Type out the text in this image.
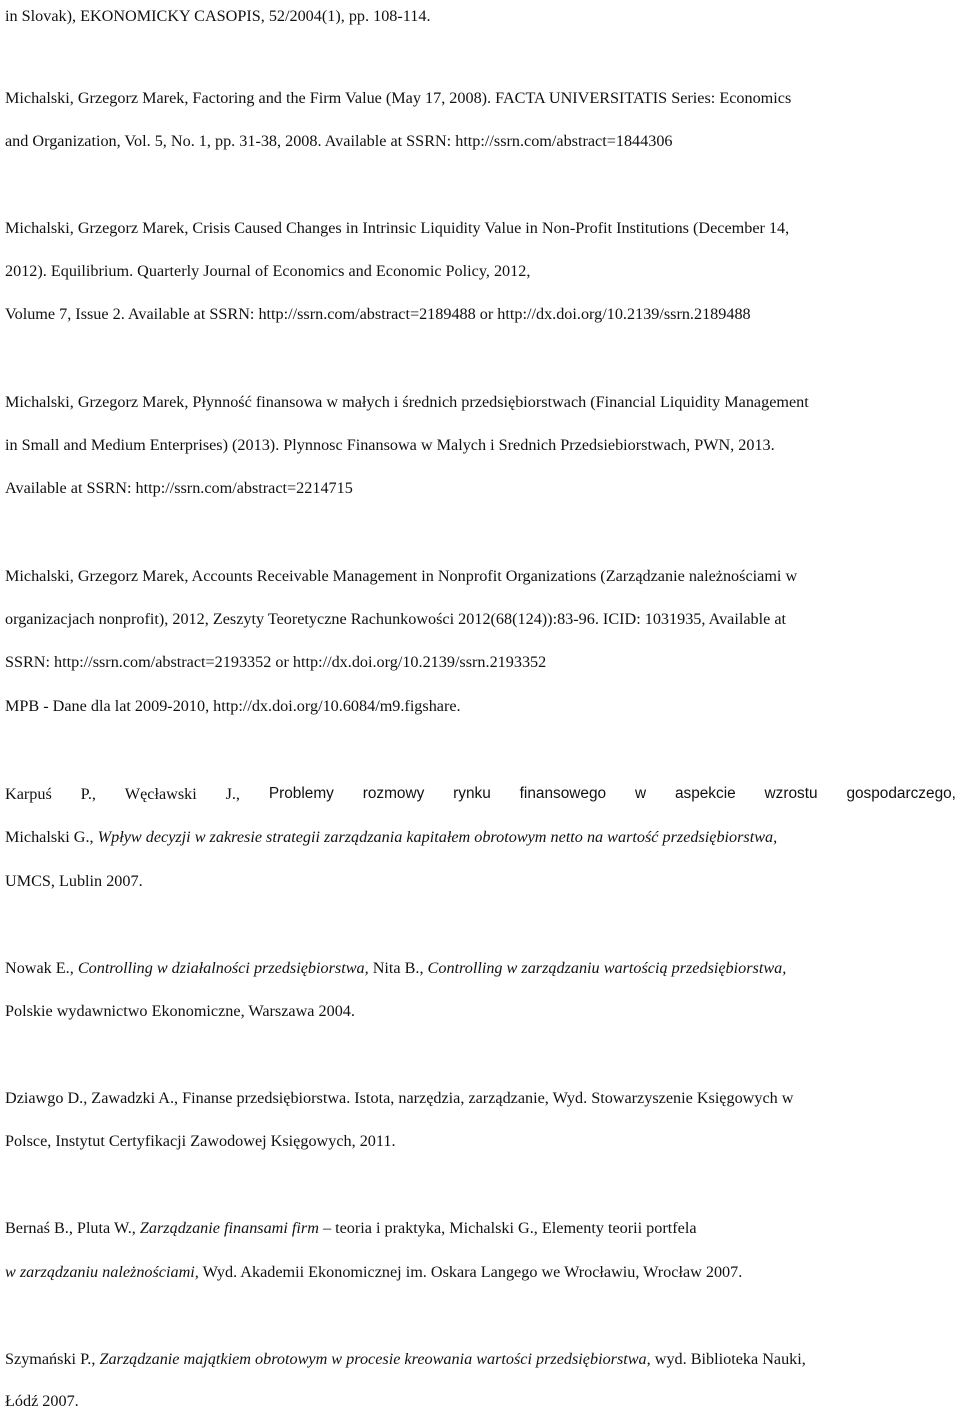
in Slovak), EKONOMICKY CASOPIS, 52/2004(1), pp. 108-114.
Michalski, Grzegorz Marek, Factoring and the Firm Value (May 17, 2008). FACTA UNIVERSITATIS Series: Economics
and Organization, Vol. 5, No. 1, pp. 31-38, 2008. Available at SSRN: http://ssrn.com/abstract=1844306
Michalski, Grzegorz Marek, Crisis Caused Changes in Intrinsic Liquidity Value in Non-Profit Institutions (December 14,
2012). Equilibrium. Quarterly Journal of Economics and Economic Policy, 2012,
Volume 7, Issue 2. Available at SSRN: http://ssrn.com/abstract=2189488 or http://dx.doi.org/10.2139/ssrn.2189488
Michalski, Grzegorz Marek, Płynność finansowa w małych i średnich przedsiębiorstwach (Financial Liquidity Management
in Small and Medium Enterprises) (2013). Plynnosc Finansowa w Malych i Srednich Przedsiebiorstwach, PWN, 2013.
Available at SSRN: http://ssrn.com/abstract=2214715
Michalski, Grzegorz Marek, Accounts Receivable Management in Nonprofit Organizations (Zarządzanie należnościami w
organizacjach nonprofit), 2012, Zeszyty Teoretyczne Rachunkowości 2012(68(124)):83-96. ICID: 1031935, Available at
SSRN: http://ssrn.com/abstract=2193352 or http://dx.doi.org/10.2139/ssrn.2193352
MPB - Dane dla lat 2009-2010, http://dx.doi.org/10.6084/m9.figshare.
Karpuś P., Węcławski J., Problemy rozmowy rynku finansowego w aspekcie wzrostu gospodarczego,
Michalski G., Wpływ decyzji w zakresie strategii zarządzania kapitałem obrotowym netto na wartość przedsiębiorstwa,
UMCS, Lublin 2007.
Nowak E., Controlling w działalności przedsiębiorstwa, Nita B., Controlling w zarządzaniu wartością przedsiębiorstwa,
Polskie wydawnictwo Ekonomiczne, Warszawa 2004.
Dziawgo D., Zawadzki A., Finanse przedsiębiorstwa. Istota, narzędzia, zarządzanie, Wyd. Stowarzyszenie Księgowych w
Polsce, Instytut Certyfikacji Zawodowej Księgowych, 2011.
Bernaś B., Pluta W., Zarządzanie finansami firm – teoria i praktyka, Michalski G., Elementy teorii portfela
w zarządzaniu należnościami, Wyd. Akademii Ekonomicznej im. Oskara Langego we Wrocławiu, Wrocław 2007.
Szymański P., Zarządzanie majątkiem obrotowym w procesie kreowania wartości przedsiębiorstwa, wyd. Biblioteka Nauki,
Łódź 2007.
